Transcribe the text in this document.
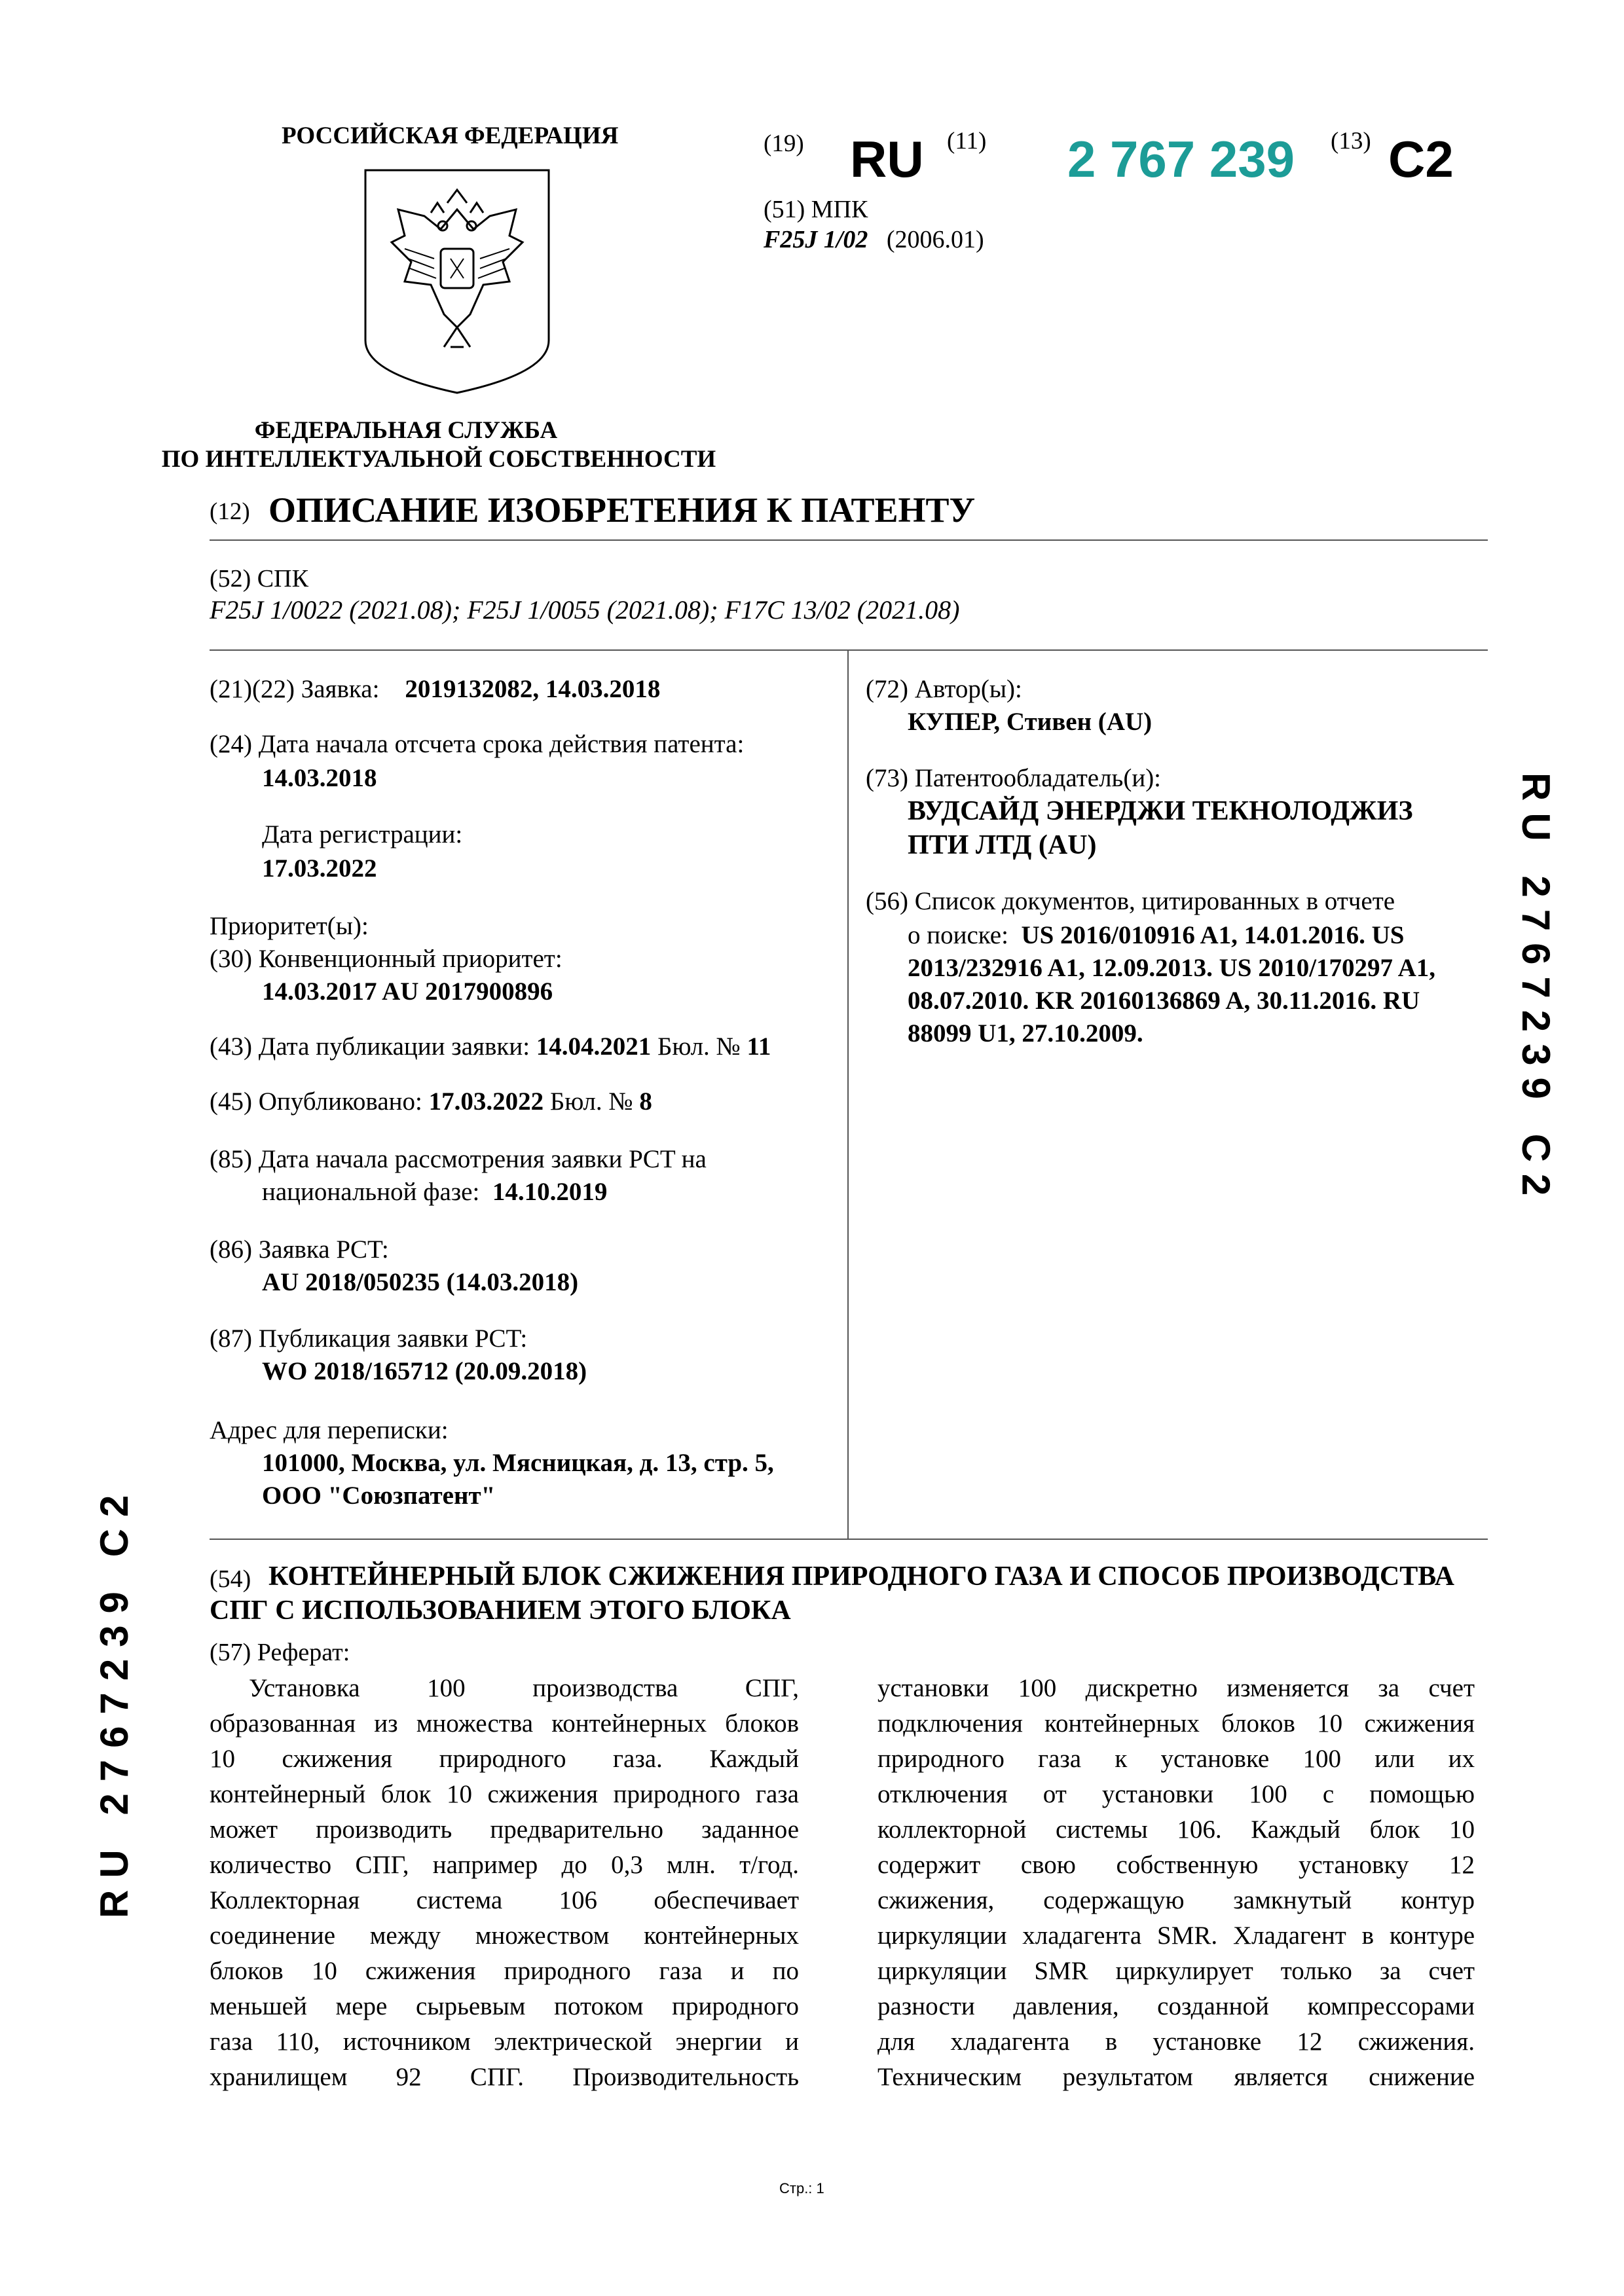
РОССИЙСКАЯ ФЕДЕРАЦИЯ
ФЕДЕРАЛЬНАЯ СЛУЖБА
ПО ИНТЕЛЛЕКТУАЛЬНОЙ СОБСТВЕННОСТИ
(19) RU (11) 2 767 239 (13) C2
(51) МПК
F25J 1/02 (2006.01)
(12) ОПИСАНИЕ ИЗОБРЕТЕНИЯ К ПАТЕНТУ
(52) СПК
F25J 1/0022 (2021.08); F25J 1/0055 (2021.08); F17C 13/02 (2021.08)
(21)(22) Заявка: 2019132082, 14.03.2018
(24) Дата начала отсчета срока действия патента:
14.03.2018
Дата регистрации:
17.03.2022
Приоритет(ы):
(30) Конвенционный приоритет:
14.03.2017 AU 2017900896
(43) Дата публикации заявки: 14.04.2021 Бюл. № 11
(45) Опубликовано: 17.03.2022 Бюл. № 8
(85) Дата начала рассмотрения заявки PCT на
национальной фазе: 14.10.2019
(86) Заявка PCT:
AU 2018/050235 (14.03.2018)
(87) Публикация заявки PCT:
WO 2018/165712 (20.09.2018)
Адрес для переписки:
101000, Москва, ул. Мясницкая, д. 13, стр. 5,
ООО "Союзпатент"
(72) Автор(ы):
КУПЕР, Стивен (AU)
(73) Патентообладатель(и):
ВУДСАЙД ЭНЕРДЖИ ТЕКНОЛОДЖИЗ
ПТИ ЛТД (AU)
(56) Список документов, цитированных в отчете
о поиске: US 2016/010916 A1, 14.01.2016. US
2013/232916 A1, 12.09.2013. US 2010/170297 A1,
08.07.2010. KR 20160136869 A, 30.11.2016. RU
88099 U1, 27.10.2009.	RU 2767239 C2
RU 2767239 C2	(54) КОНТЕЙНЕРНЫЙ БЛОК СЖИЖЕНИЯ ПРИРОДНОГО ГАЗА И СПОСОБ ПРОИЗВОДСТВА
СПГ С ИСПОЛЬЗОВАНИЕМ ЭТОГО БЛОКА
(57) Реферат:
Установка 100 производства СПГ,
образованная из множества контейнерных блоков
10 сжижения природного газа. Каждый
контейнерный блок 10 сжижения природного газа
может производить предварительно заданное
количество СПГ, например до 0,3 млн. т/год.
Коллекторная система 106 обеспечивает
соединение между множеством контейнерных
блоков 10 сжижения природного газа и по
меньшей мере сырьевым потоком природного
газа 110, источником электрической энергии и
хранилищем 92 СПГ. Производительность
установки 100 дискретно изменяется за счет
подключения контейнерных блоков 10 сжижения
природного газа к установке 100 или их
отключения от установки 100 с помощью
коллекторной системы 106. Каждый блок 10
содержит свою собственную установку 12
сжижения, содержащую замкнутый контур
циркуляции хладагента SMR. Хладагент в контуре
циркуляции SMR циркулирует только за счет
разности давления, созданной компрессорами
для хладагента в установке 12 сжижения.
Техническим результатом является снижение
Стр.: 1
